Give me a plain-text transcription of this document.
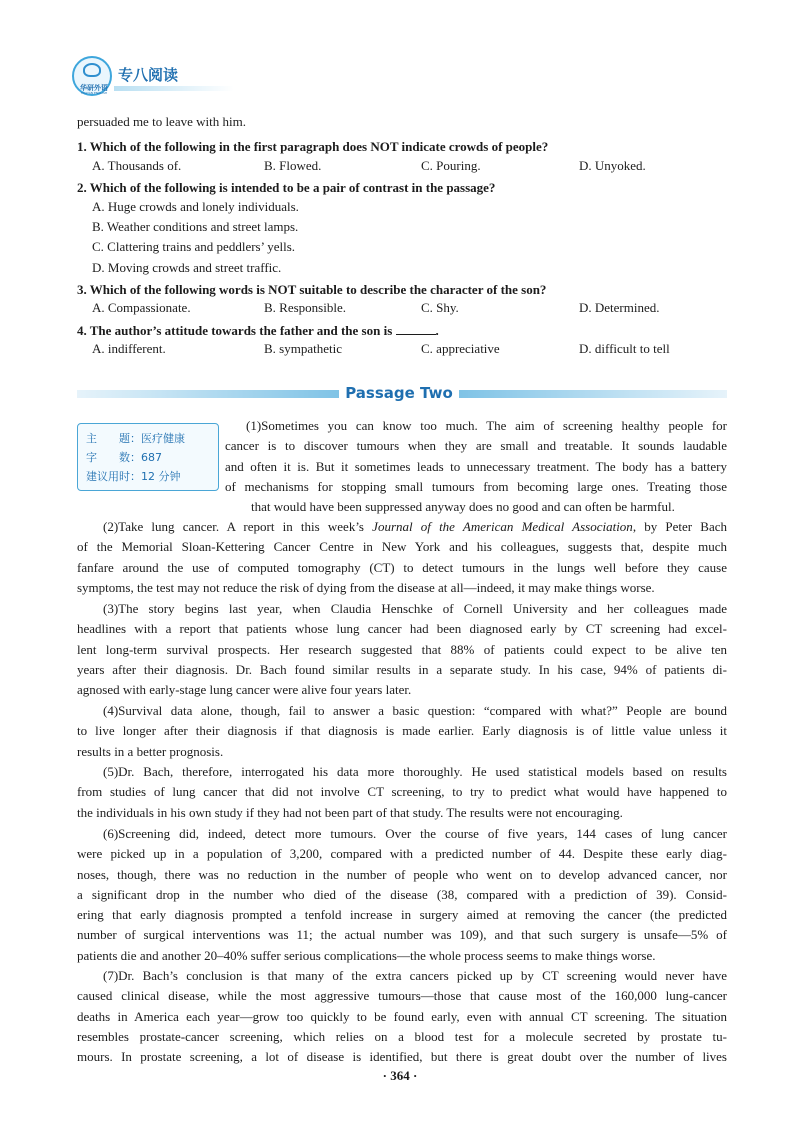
华研外语
HUAYAN ENGLISH
专八阅读
persuaded me to leave with him.
1. Which of the following in the first paragraph does NOT indicate crowds of people?
A. Thousands of.	B. Flowed.	C. Pouring.	D. Unyoked.
2. Which of the following is intended to be a pair of contrast in the passage?
A. Huge crowds and lonely individuals.
B. Weather conditions and street lamps.
C. Clattering trains and peddlers’ yells.
D. Moving crowds and street traffic.
3. Which of the following words is NOT suitable to describe the character of the son?
A. Compassionate.	B. Responsible.	C. Shy.	D. Determined.
4. The author’s attitude towards the father and the son is	.
A. indifferent.	B. sympathetic	C. appreciative	D. difficult to tell
Passage Two
主　　题：医疗健康
字　　数：687
建议用时：12 分钟
(1)Sometimes you can know too much. The aim of screening healthy people for
cancer is to discover tumours when they are small and treatable. It sounds laudable
and often it is. But it sometimes leads to unnecessary treatment. The body has a battery
of mechanisms for stopping small tumours from becoming large ones. Treating those
that would have been suppressed anyway does no good and can often be harmful.
(2)Take lung cancer. A report in this week’s Journal of the American Medical Association, by Peter Bach
of the Memorial Sloan-Kettering Cancer Centre in New York and his colleagues, suggests that, despite much
fanfare around the use of computed tomography (CT) to detect tumours in the lungs well before they cause
symptoms, the test may not reduce the risk of dying from the disease at all—indeed, it may make things worse.
(3)The story begins last year, when Claudia Henschke of Cornell University and her colleagues made
headlines with a report that patients whose lung cancer had been diagnosed early by CT screening had excel-
lent long-term survival prospects. Her research suggested that 88% of patients could expect to be alive ten
years after their diagnosis. Dr. Bach found similar results in a separate study. In his case, 94% of patients di-
agnosed with early-stage lung cancer were alive four years later.
(4)Survival data alone, though, fail to answer a basic question: “compared with what?” People are bound
to live longer after their diagnosis if that diagnosis is made earlier. Early diagnosis is of little value unless it
results in a better prognosis.
(5)Dr. Bach, therefore, interrogated his data more thoroughly. He used statistical models based on results
from studies of lung cancer that did not involve CT screening, to try to predict what would have happened to
the individuals in his own study if they had not been part of that study. The results were not encouraging.
(6)Screening did, indeed, detect more tumours. Over the course of five years, 144 cases of lung cancer
were picked up in a population of 3,200, compared with a predicted number of 44. Despite these early diag-
noses, though, there was no reduction in the number of people who went on to develop advanced cancer, nor
a significant drop in the number who died of the disease (38, compared with a prediction of 39). Consid-
ering that early diagnosis prompted a tenfold increase in surgery aimed at removing the cancer (the predicted
number of surgical interventions was 11; the actual number was 109), and that such surgery is unsafe—5% of
patients die and another 20–40% suffer serious complications—the whole process seems to make things worse.
(7)Dr. Bach’s conclusion is that many of the extra cancers picked up by CT screening would never have
caused clinical disease, while the most aggressive tumours—those that cause most of the 160,000 lung-cancer
deaths in America each year—grow too quickly to be found early, even with annual CT screening. The situation
resembles prostate-cancer screening, which relies on a blood test for a molecule secreted by prostate tu-
mours. In prostate screening, a lot of disease is identified, but there is great doubt over the number of lives
· 364 ·
